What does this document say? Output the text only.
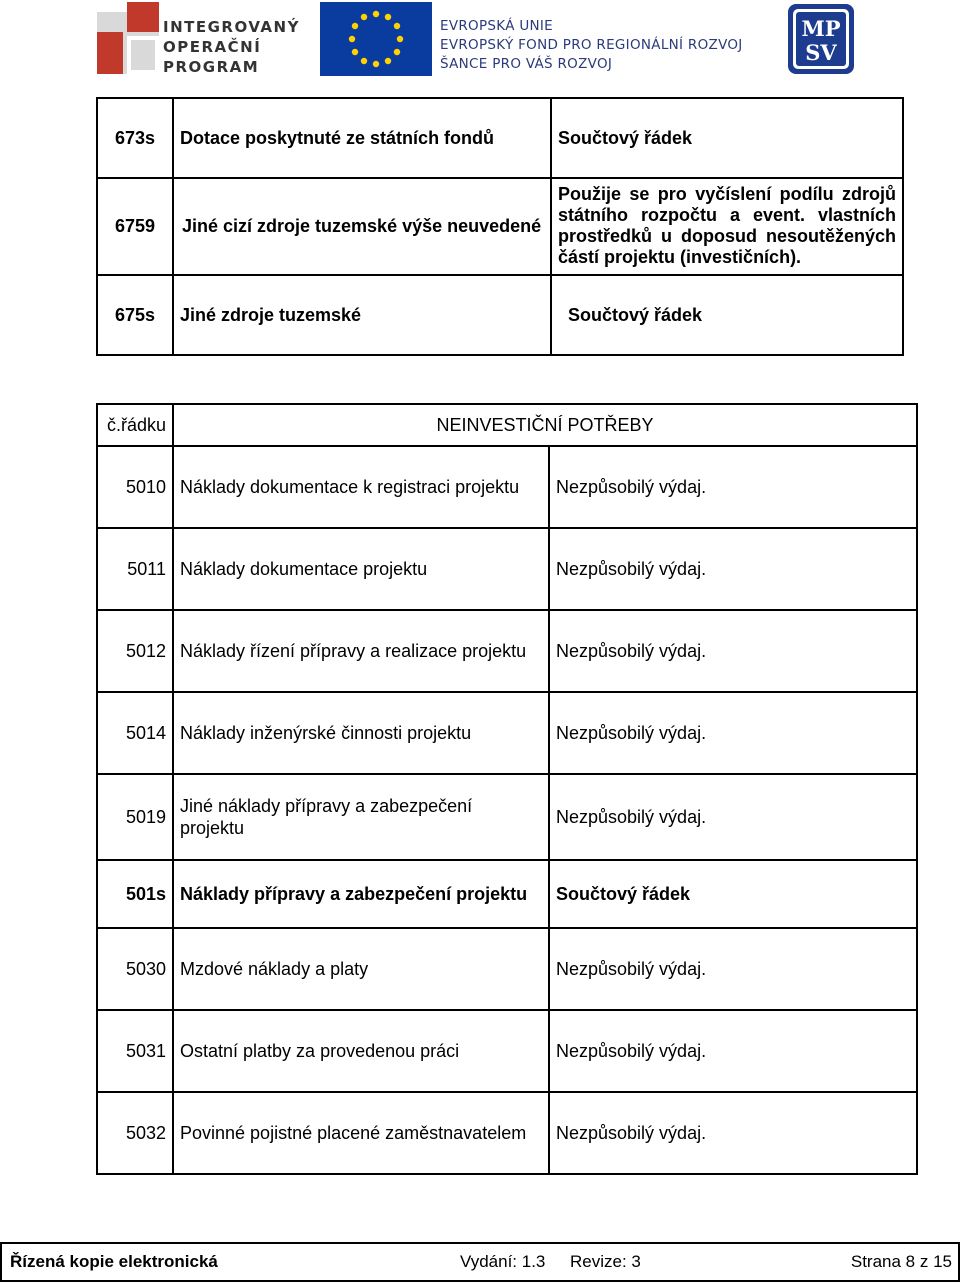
INTEGROVANÝ
OPERAČNÍ
PROGRAM
EVROPSKÁ UNIE
EVROPSKÝ FOND PRO REGIONÁLNÍ ROZVOJ
ŠANCE PRO VÁŠ ROZVOJ
MP
SV
673s	Dotace poskytnuté ze státních fondů	Součtový řádek
6759	Jiné cizí zdroje tuzemské výše neuvedené	Použije se pro vyčíslení podílu zdrojů státního rozpočtu a event. vlastních prostředků u doposud nesoutěžených částí projektu (investičních).
675s	Jiné zdroje tuzemské	Součtový řádek
č.řádku	NEINVESTIČNÍ POTŘEBY	
5010	Náklady dokumentace k registraci projektu	Nezpůsobilý výdaj.
5011	Náklady dokumentace projektu	Nezpůsobilý výdaj.
5012	Náklady řízení přípravy a realizace projektu	Nezpůsobilý výdaj.
5014	Náklady inženýrské činnosti projektu	Nezpůsobilý výdaj.
5019	Jiné náklady přípravy a zabezpečení projektu	Nezpůsobilý výdaj.
501s	Náklady přípravy a zabezpečení projektu	Součtový řádek
5030	Mzdové náklady a platy	Nezpůsobilý výdaj.
5031	Ostatní platby za provedenou práci	Nezpůsobilý výdaj.
5032	Povinné pojistné placené zaměstnavatelem	Nezpůsobilý výdaj.
Řízená kopie elektronická	Vydání: 1.3 Revize: 3	Strana 8 z 15
